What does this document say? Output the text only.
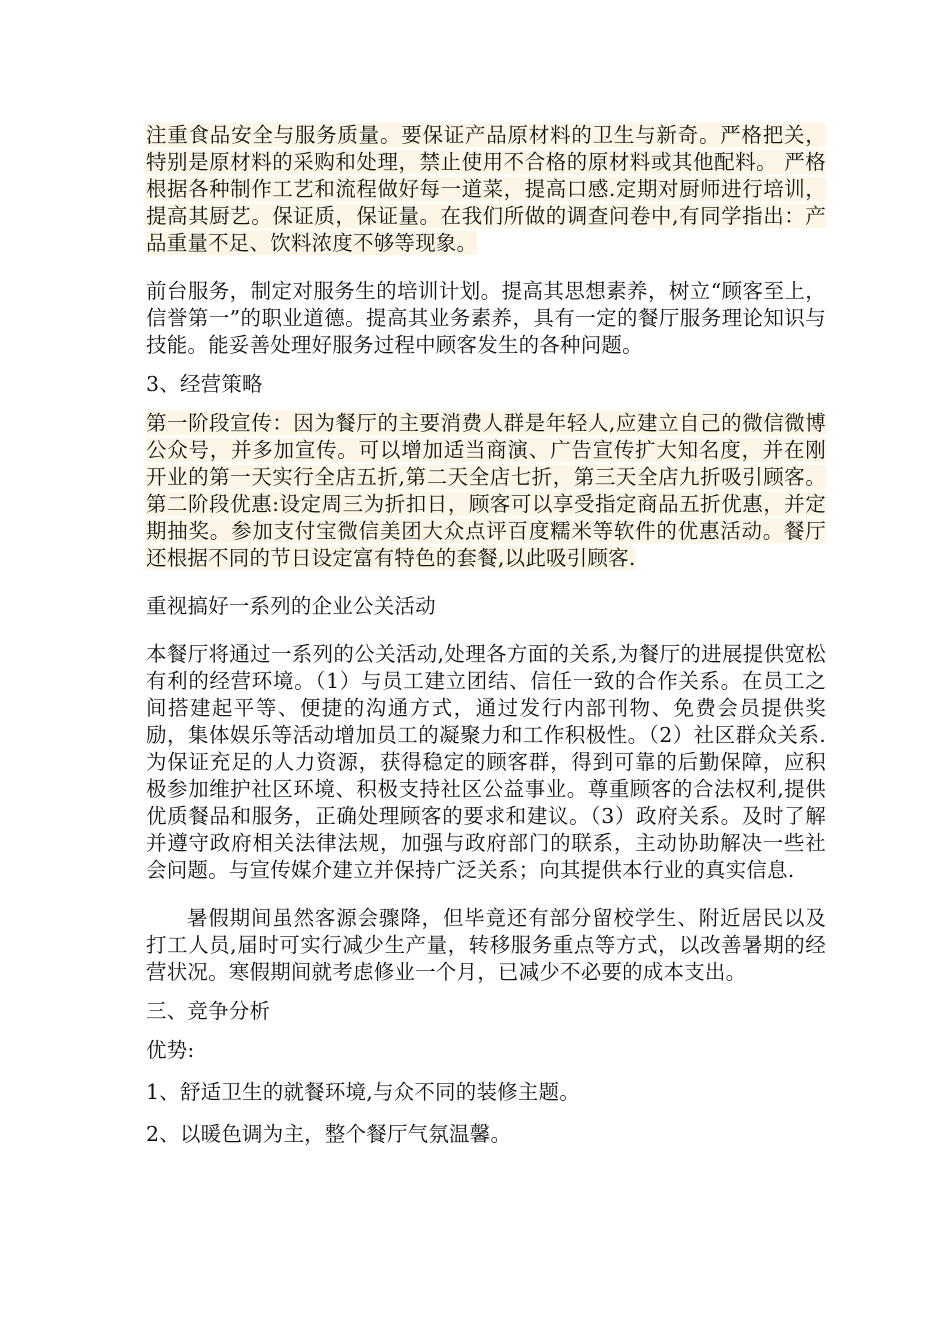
注重食品安全与服务质量。要保证产品原材料的卫生与新奇。严格把关，特别是原材料的采购和处理，禁止使用不合格的原材料或其他配料。 严格根据各种制作工艺和流程做好每一道菜，提高口感.定期对厨师进行培训，提高其厨艺。保证质，保证量。在我们所做的调查问卷中,有同学指出：产品重量不足、饮料浓度不够等现象。

前台服务，制定对服务生的培训计划。提高其思想素养，树立“顾客至上，信誉第一”的职业道德。提高其业务素养，具有一定的餐厅服务理论知识与技能。能妥善处理好服务过程中顾客发生的各种问题。

3、经营策略

第一阶段宣传：因为餐厅的主要消费人群是年轻人,应建立自己的微信微博公众号，并多加宣传。可以增加适当商演、广告宣传扩大知名度，并在刚开业的第一天实行全店五折,第二天全店七折，第三天全店九折吸引顾客。第二阶段优惠:设定周三为折扣日，顾客可以享受指定商品五折优惠，并定期抽奖。参加支付宝微信美团大众点评百度糯米等软件的优惠活动。餐厅还根据不同的节日设定富有特色的套餐,以此吸引顾客.

重视搞好一系列的企业公关活动

本餐厅将通过一系列的公关活动,处理各方面的关系,为餐厅的进展提供宽松有利的经营环境。（1）与员工建立团结、信任一致的合作关系。在员工之间搭建起平等、便捷的沟通方式，通过发行内部刊物、免费会员提供奖励，集体娱乐等活动增加员工的凝聚力和工作积极性。（2）社区群众关系.为保证充足的人力资源，获得稳定的顾客群，得到可靠的后勤保障，应积极参加维护社区环境、积极支持社区公益事业。尊重顾客的合法权利,提供优质餐品和服务，正确处理顾客的要求和建议。（3）政府关系。及时了解并遵守政府相关法律法规，加强与政府部门的联系，主动协助解决一些社会问题。与宣传媒介建立并保持广泛关系；向其提供本行业的真实信息.

暑假期间虽然客源会骤降，但毕竟还有部分留校学生、附近居民以及打工人员,届时可实行减少生产量，转移服务重点等方式，以改善暑期的经营状况。寒假期间就考虑修业一个月，已减少不必要的成本支出。

三、竞争分析

优势:

1、舒适卫生的就餐环境,与众不同的装修主题。

2、以暖色调为主，整个餐厅气氛温馨。
